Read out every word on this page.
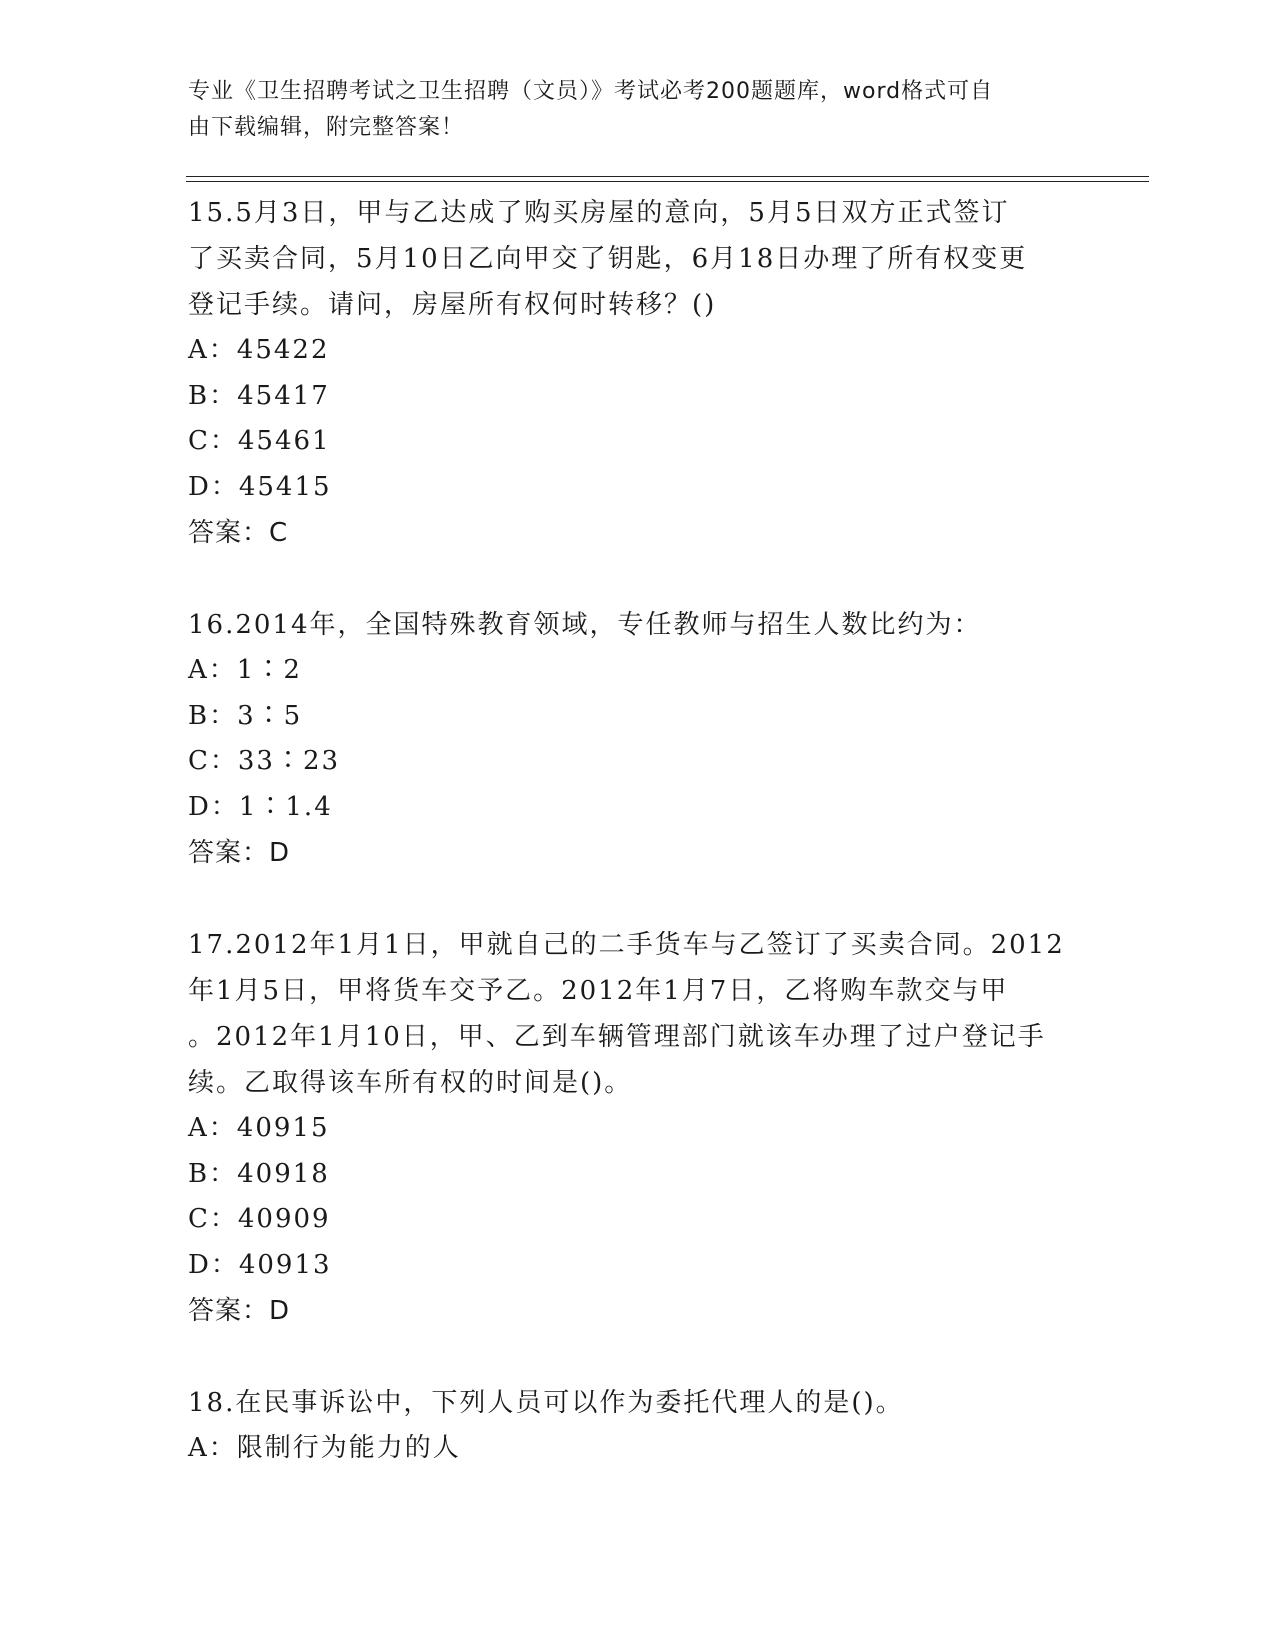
专业《卫生招聘考试之卫生招聘（文员）》考试必考200题题库，word格式可自
由下载编辑，附完整答案！

15.5月3日，甲与乙达成了购买房屋的意向，5月5日双方正式签订

了买卖合同，5月10日乙向甲交了钥匙，6月18日办理了所有权变更

登记手续。请问，房屋所有权何时转移？()

A：45422

B：45417

C：45461

D：45415

答案：C

16.2014年，全国特殊教育领域，专任教师与招生人数比约为：

A：1∶2

B：3∶5

C：33∶23

D：1∶1.4

答案：D

17.2012年1月1日，甲就自己的二手货车与乙签订了买卖合同。2012

年1月5日，甲将货车交予乙。2012年1月7日，乙将购车款交与甲

。2012年1月10日，甲、乙到车辆管理部门就该车办理了过户登记手

续。乙取得该车所有权的时间是()。

A：40915

B：40918

C：40909

D：40913

答案：D

18.在民事诉讼中，下列人员可以作为委托代理人的是()。

A：限制行为能力的人
